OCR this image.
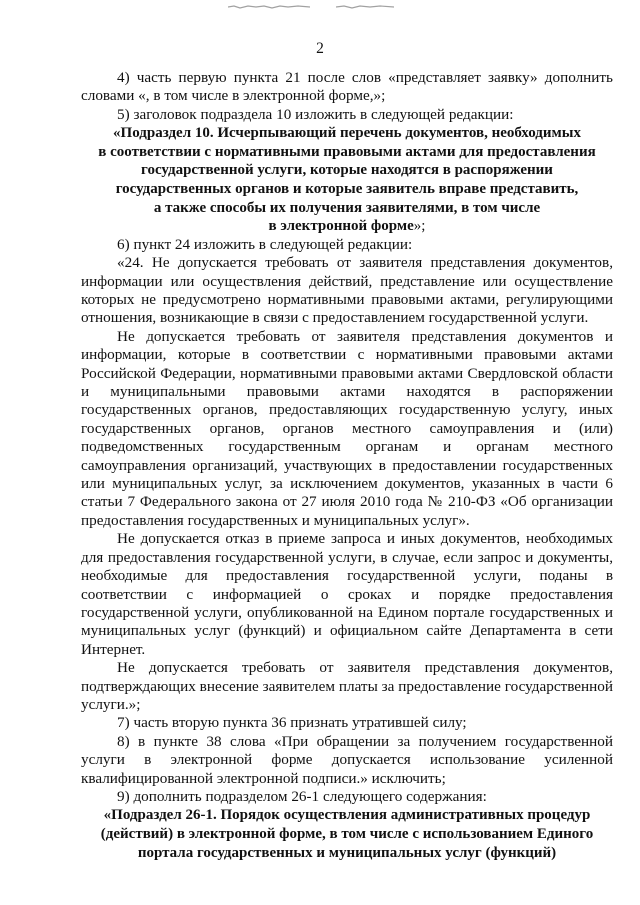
2

4) часть первую пункта 21 после слов «представляет заявку» дополнить словами «, в том числе в электронной форме,»;

5) заголовок подраздела 10 изложить в следующей редакции:

«Подраздел 10. Исчерпывающий перечень документов, необходимых
в соответствии с нормативными правовыми актами для предоставления
государственной услуги, которые находятся в распоряжении
государственных органов и которые заявитель вправе представить,
а также способы их получения заявителями, в том числе
в электронной форме»;

6) пункт 24 изложить в следующей редакции:

«24. Не допускается требовать от заявителя представления документов, информации или осуществления действий, представление или осуществление которых не предусмотрено нормативными правовыми актами, регулирующими отношения, возникающие в связи с предоставлением государственной услуги.

Не допускается требовать от заявителя представления документов и информации, которые в соответствии с нормативными правовыми актами Российской Федерации, нормативными правовыми актами Свердловской области и муниципальными правовыми актами находятся в распоряжении государственных органов, предоставляющих государственную услугу, иных государственных органов, органов местного самоуправления и (или) подведомственных государственным органам и органам местного самоуправления организаций, участвующих в предоставлении государственных или муниципальных услуг, за исключением документов, указанных в части 6 статьи 7 Федерального закона от 27 июля 2010 года № 210-ФЗ «Об организации предоставления государственных и муниципальных услуг».

Не допускается отказ в приеме запроса и иных документов, необходимых для предоставления государственной услуги, в случае, если запрос и документы, необходимые для предоставления государственной услуги, поданы в соответствии с информацией о сроках и порядке предоставления государственной услуги, опубликованной на Едином портале государственных и муниципальных услуг (функций) и официальном сайте Департамента в сети Интернет.

Не допускается требовать от заявителя представления документов, подтверждающих внесение заявителем платы за предоставление государственной услуги.»;

7) часть вторую пункта 36 признать утратившей силу;

8) в пункте 38 слова «При обращении за получением государственной услуги в электронной форме допускается использование усиленной квалифицированной электронной подписи.» исключить;

9) дополнить подразделом 26-1 следующего содержания:

«Подраздел 26-1. Порядок осуществления административных процедур
(действий) в электронной форме, в том числе с использованием Единого
портала государственных и муниципальных услуг (функций)
